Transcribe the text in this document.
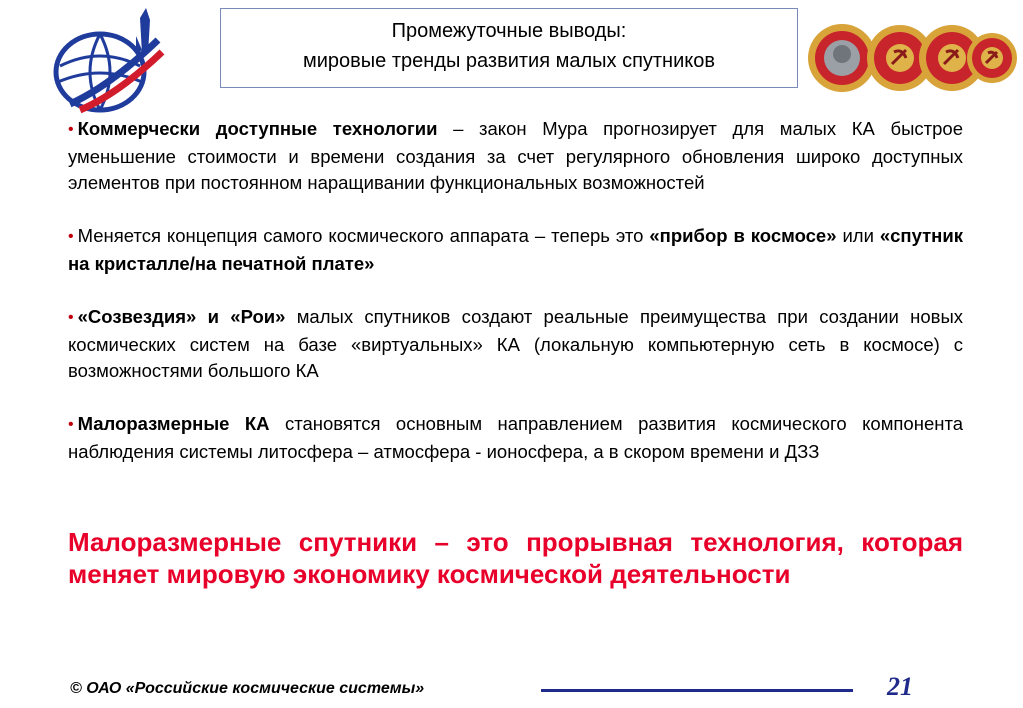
Промежуточные выводы:
мировые тренды развития малых спутников

• Коммерчески доступные технологии – закон Мура прогнозирует для малых КА быстрое уменьшение стоимости и времени создания за счет регулярного обновления широко доступных элементов при постоянном наращивании функциональных возможностей

• Меняется концепция самого космического аппарата – теперь это «прибор в космосе» или «спутник на кристалле/на печатной плате»

• «Созвездия» и «Рои» малых спутников создают реальные преимущества при создании новых космических систем на базе «виртуальных» КА (локальную компьютерную сеть в космосе) с возможностями большого КА

• Малоразмерные КА становятся основным направлением развития космического компонента наблюдения системы литосфера – атмосфера - ионосфера, а в скором времени и ДЗЗ

Малоразмерные спутники – это прорывная технология, которая меняет мировую экономику космической деятельности
© ОАО «Российские космические системы»	21
